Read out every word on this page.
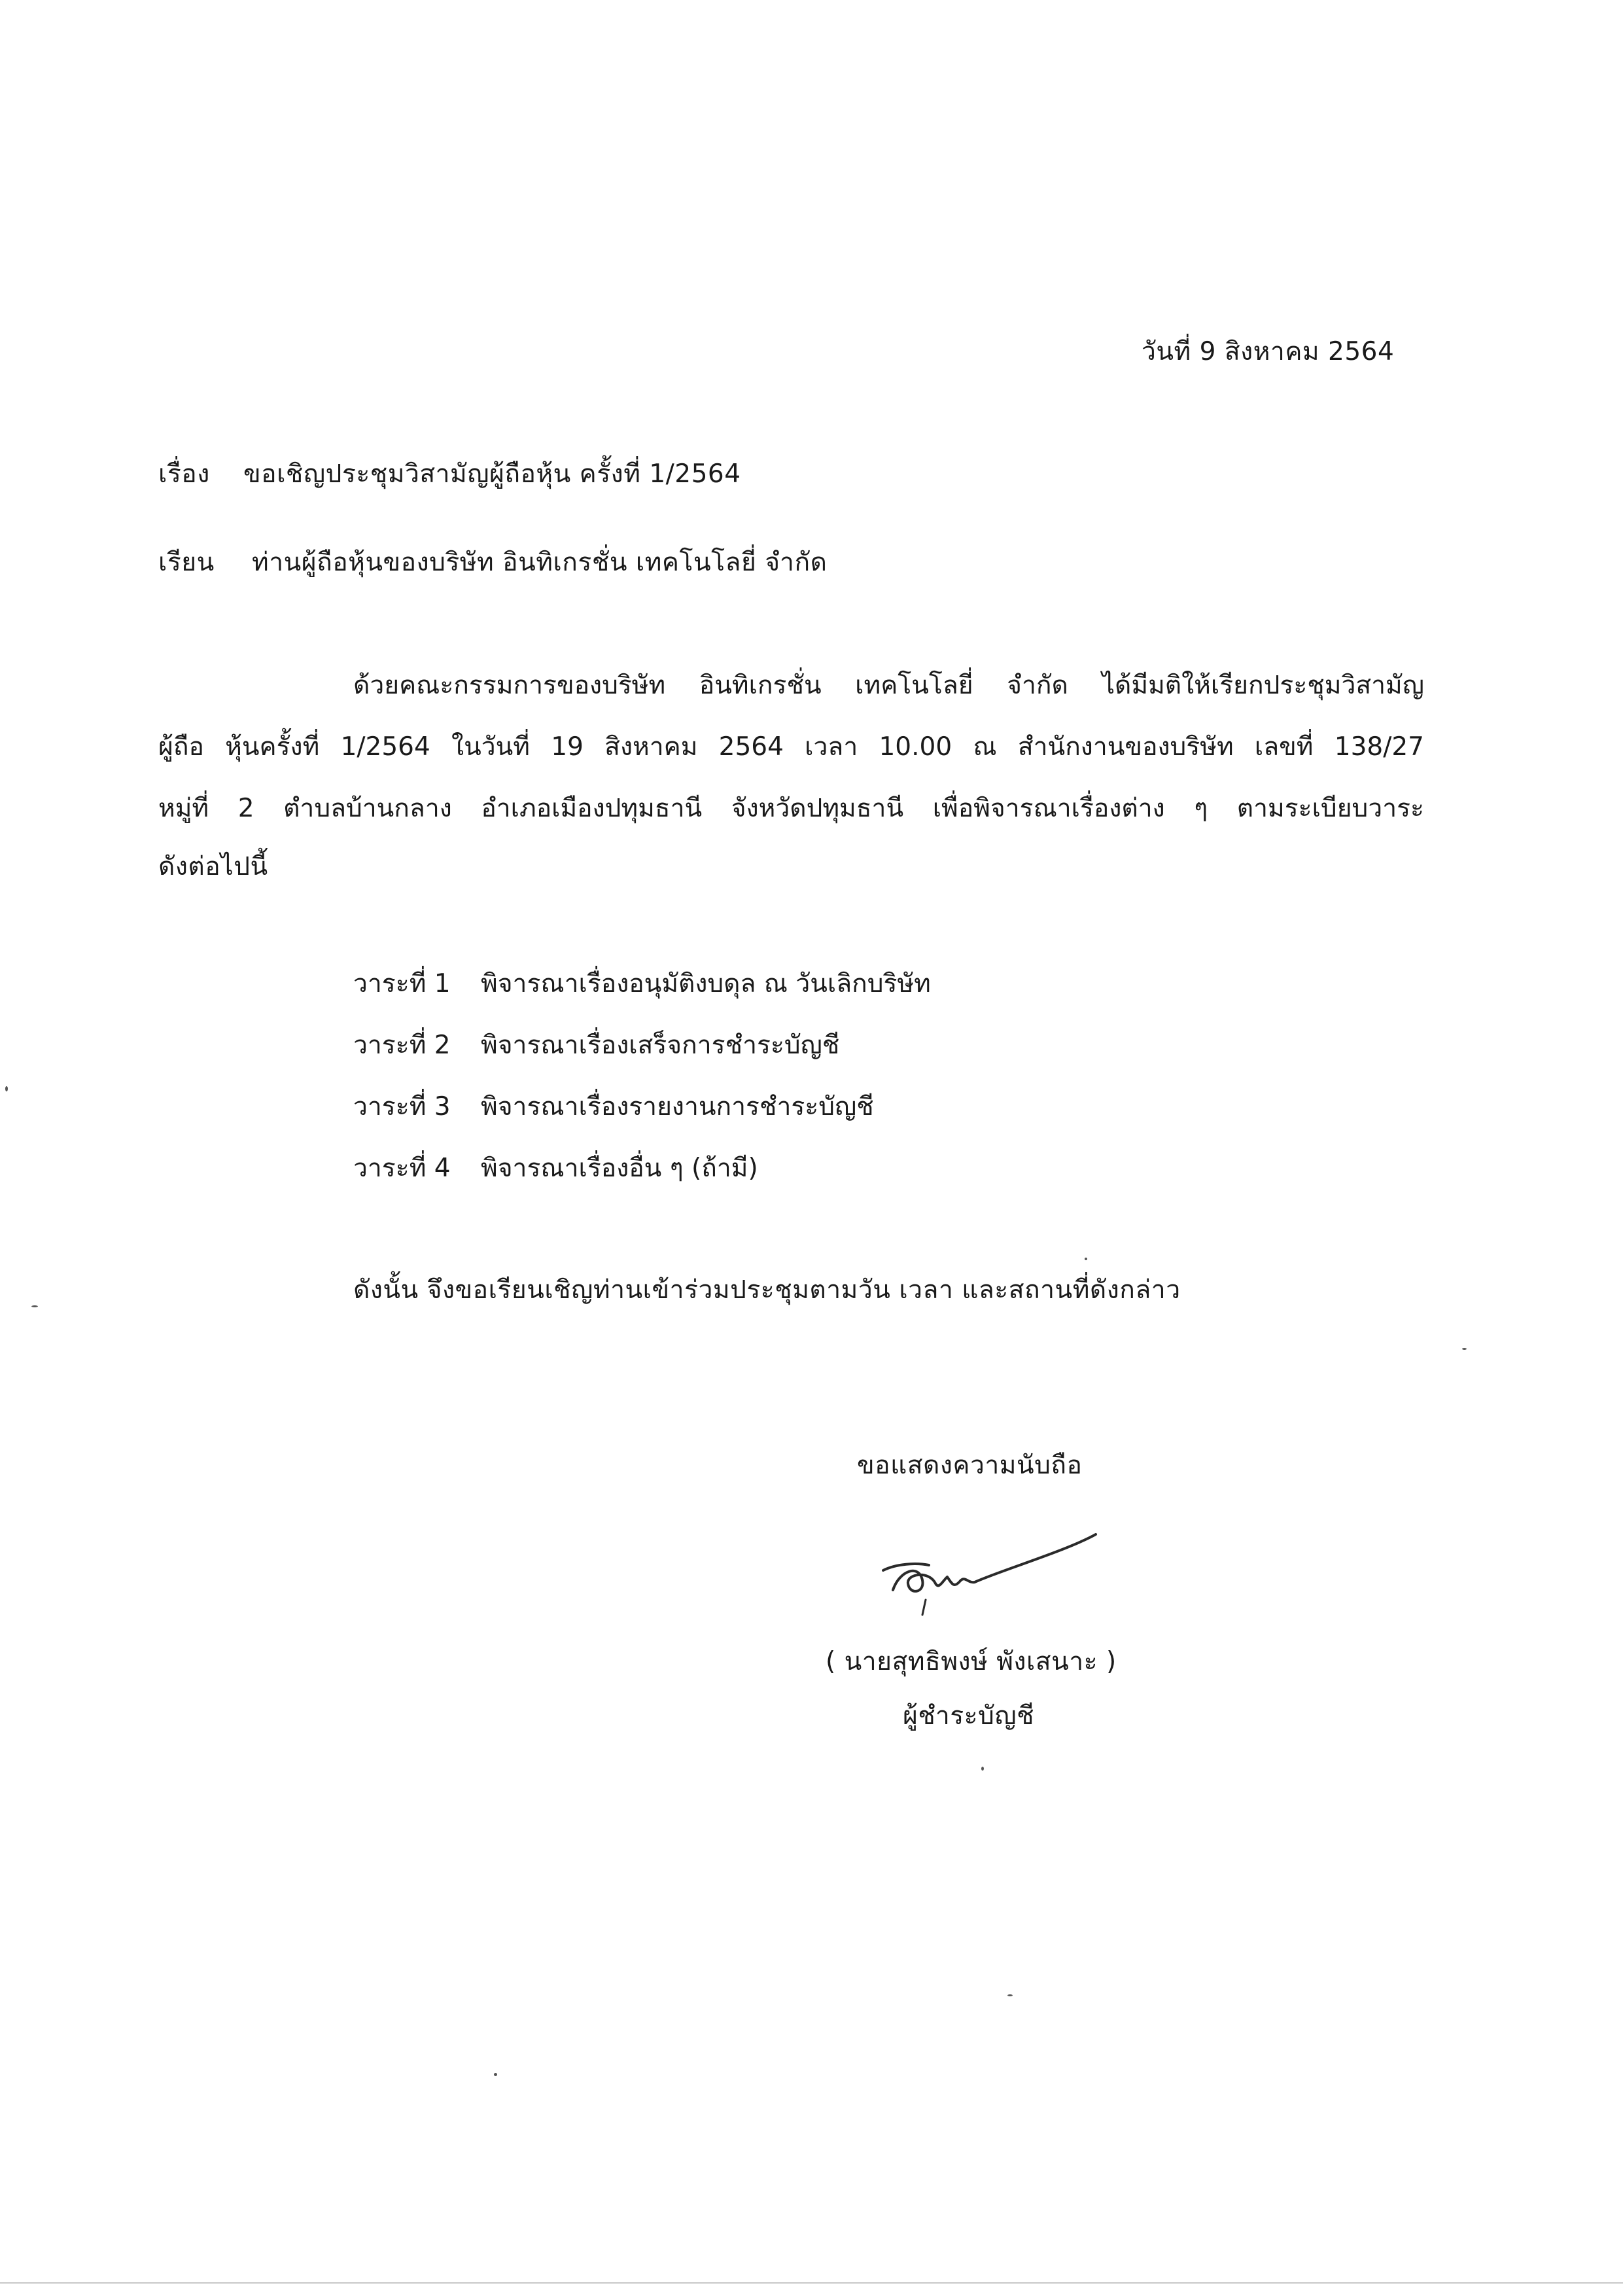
วันที่ 9 สิงหาคม 2564
เรื่อง ขอเชิญประชุมวิสามัญผู้ถือหุ้น ครั้งที่ 1/2564
เรียน ท่านผู้ถือหุ้นของบริษัท อินทิเกรชั่น เทคโนโลยี่ จำกัด
ด้วยคณะกรรมการของบริษัท อินทิเกรชั่น เทคโนโลยี่ จำกัด ได้มีมติให้เรียกประชุมวิสามัญ
ผู้ถือ หุ้นครั้งที่ 1/2564 ในวันที่ 19 สิงหาคม 2564 เวลา 10.00 ณ สำนักงานของบริษัท เลขที่ 138/27
หมู่ที่ 2 ตำบลบ้านกลาง อำเภอเมืองปทุมธานี จังหวัดปทุมธานี เพื่อพิจารณาเรื่องต่าง ๆ ตามระเบียบวาระ
ดังต่อไปนี้
วาระที่ 1 พิจารณาเรื่องอนุมัติงบดุล ณ วันเลิกบริษัท
วาระที่ 2 พิจารณาเรื่องเสร็จการชำระบัญชี
วาระที่ 3 พิจารณาเรื่องรายงานการชำระบัญชี
วาระที่ 4 พิจารณาเรื่องอื่น ๆ (ถ้ามี)
ดังนั้น จึงขอเรียนเชิญท่านเข้าร่วมประชุมตามวัน เวลา และสถานที่ดังกล่าว
ขอแสดงความนับถือ
( นายสุทธิพงษ์ พังเสนาะ )
ผู้ชำระบัญชี
